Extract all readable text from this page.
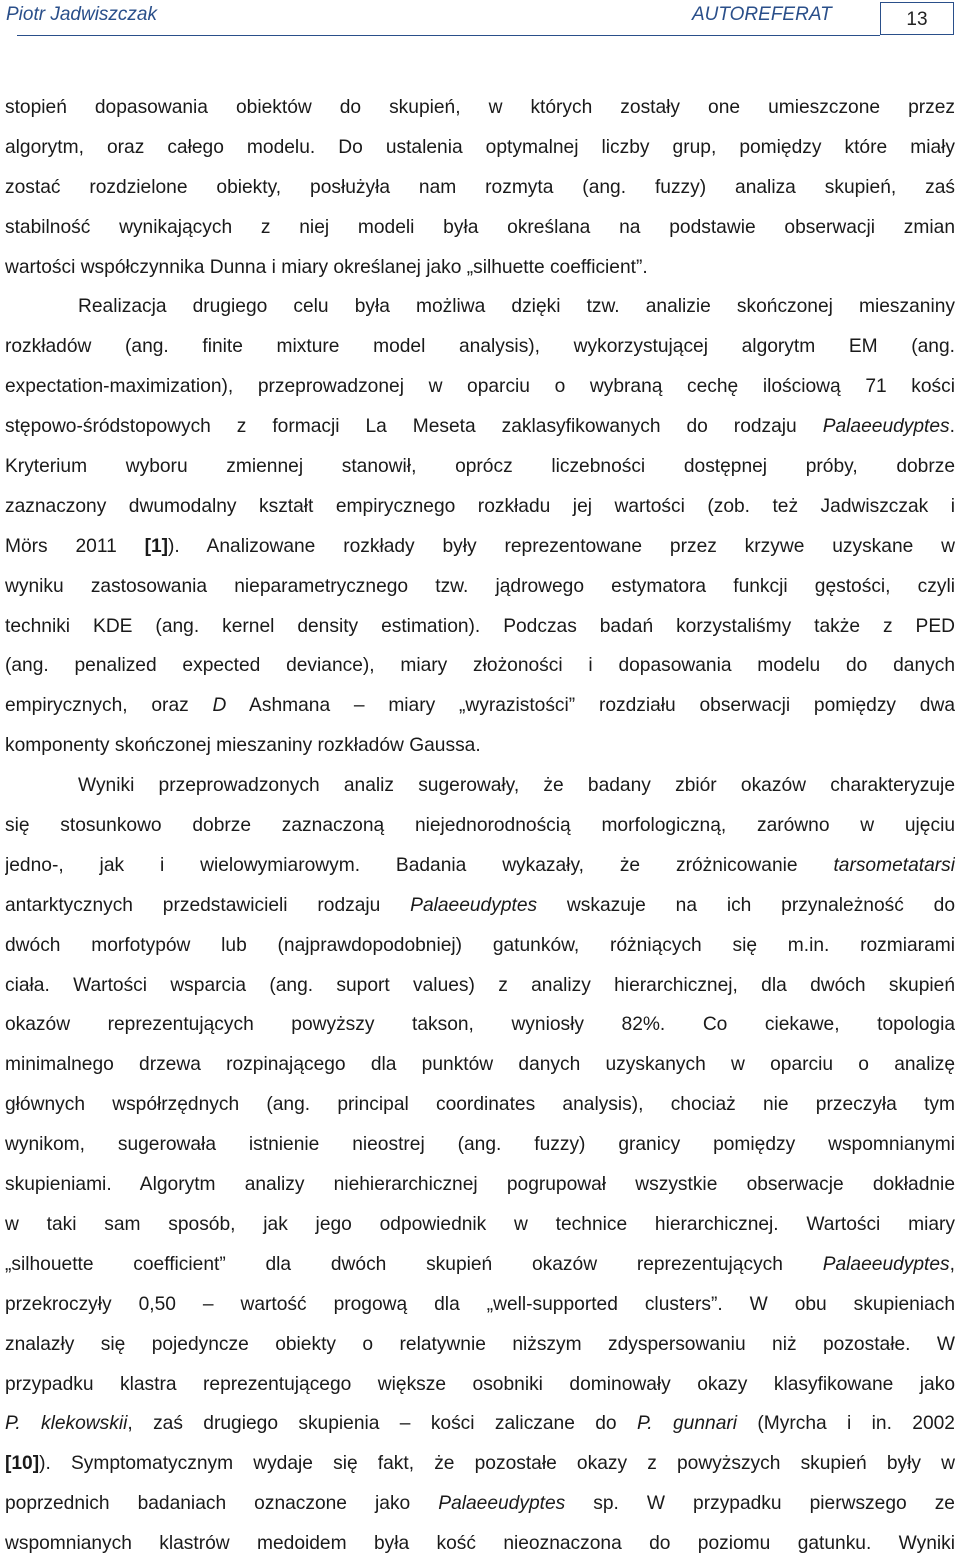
Piotr Jadwiszczak	AUTOREFERAT	13
stopień dopasowania obiektów do skupień, w których zostały one umieszczone przez
algorytm, oraz całego modelu. Do ustalenia optymalnej liczby grup, pomiędzy które miały
zostać rozdzielone obiekty, posłużyła nam rozmyta (ang. fuzzy) analiza skupień, zaś
stabilność wynikających z niej modeli była określana na podstawie obserwacji zmian
wartości współczynnika Dunna i miary określanej jako „silhuette coefficient”.
Realizacja drugiego celu była możliwa dzięki tzw. analizie skończonej mieszaniny
rozkładów (ang. finite mixture model analysis), wykorzystującej algorytm EM (ang.
expectation-maximization), przeprowadzonej w oparciu o wybraną cechę ilościową 71 kości
stępowo-śródstopowych z formacji La Meseta zaklasyfikowanych do rodzaju Palaeeudyptes.
Kryterium wyboru zmiennej stanowił, oprócz liczebności dostępnej próby, dobrze
zaznaczony dwumodalny kształt empirycznego rozkładu jej wartości (zob. też Jadwiszczak i
Mörs 2011 [1]). Analizowane rozkłady były reprezentowane przez krzywe uzyskane w
wyniku zastosowania nieparametrycznego tzw. jądrowego estymatora funkcji gęstości, czyli
techniki KDE (ang. kernel density estimation). Podczas badań korzystaliśmy także z PED
(ang. penalized expected deviance), miary złożoności i dopasowania modelu do danych
empirycznych, oraz D Ashmana – miary „wyrazistości” rozdziału obserwacji pomiędzy dwa
komponenty skończonej mieszaniny rozkładów Gaussa.
Wyniki przeprowadzonych analiz sugerowały, że badany zbiór okazów charakteryzuje
się stosunkowo dobrze zaznaczoną niejednorodnością morfologiczną, zarówno w ujęciu
jedno-, jak i wielowymiarowym. Badania wykazały, że zróżnicowanie tarsometatarsi
antarktycznych przedstawicieli rodzaju Palaeeudyptes wskazuje na ich przynależność do
dwóch morfotypów lub (najprawdopodobniej) gatunków, różniących się m.in. rozmiarami
ciała. Wartości wsparcia (ang. suport values) z analizy hierarchicznej, dla dwóch skupień
okazów reprezentujących powyższy takson, wyniosły 82%. Co ciekawe, topologia
minimalnego drzewa rozpinającego dla punktów danych uzyskanych w oparciu o analizę
głównych współrzędnych (ang. principal coordinates analysis), chociaż nie przeczyła tym
wynikom, sugerowała istnienie nieostrej (ang. fuzzy) granicy pomiędzy wspomnianymi
skupieniami. Algorytm analizy niehierarchicznej pogrupował wszystkie obserwacje dokładnie
w taki sam sposób, jak jego odpowiednik w technice hierarchicznej. Wartości miary
„silhouette coefficient” dla dwóch skupień okazów reprezentujących Palaeeudyptes,
przekroczyły 0,50 – wartość progową dla „well-supported clusters”. W obu skupieniach
znalazły się pojedyncze obiekty o relatywnie niższym zdyspersowaniu niż pozostałe. W
przypadku klastra reprezentującego większe osobniki dominowały okazy klasyfikowane jako
P. klekowskii, zaś drugiego skupienia – kości zaliczane do P. gunnari (Myrcha i in. 2002
[10]). Symptomatycznym wydaje się fakt, że pozostałe okazy z powyższych skupień były w
poprzednich badaniach oznaczone jako Palaeeudyptes sp. W przypadku pierwszego ze
wspomnianych klastrów medoidem była kość nieoznaczona do poziomu gatunku. Wyniki
